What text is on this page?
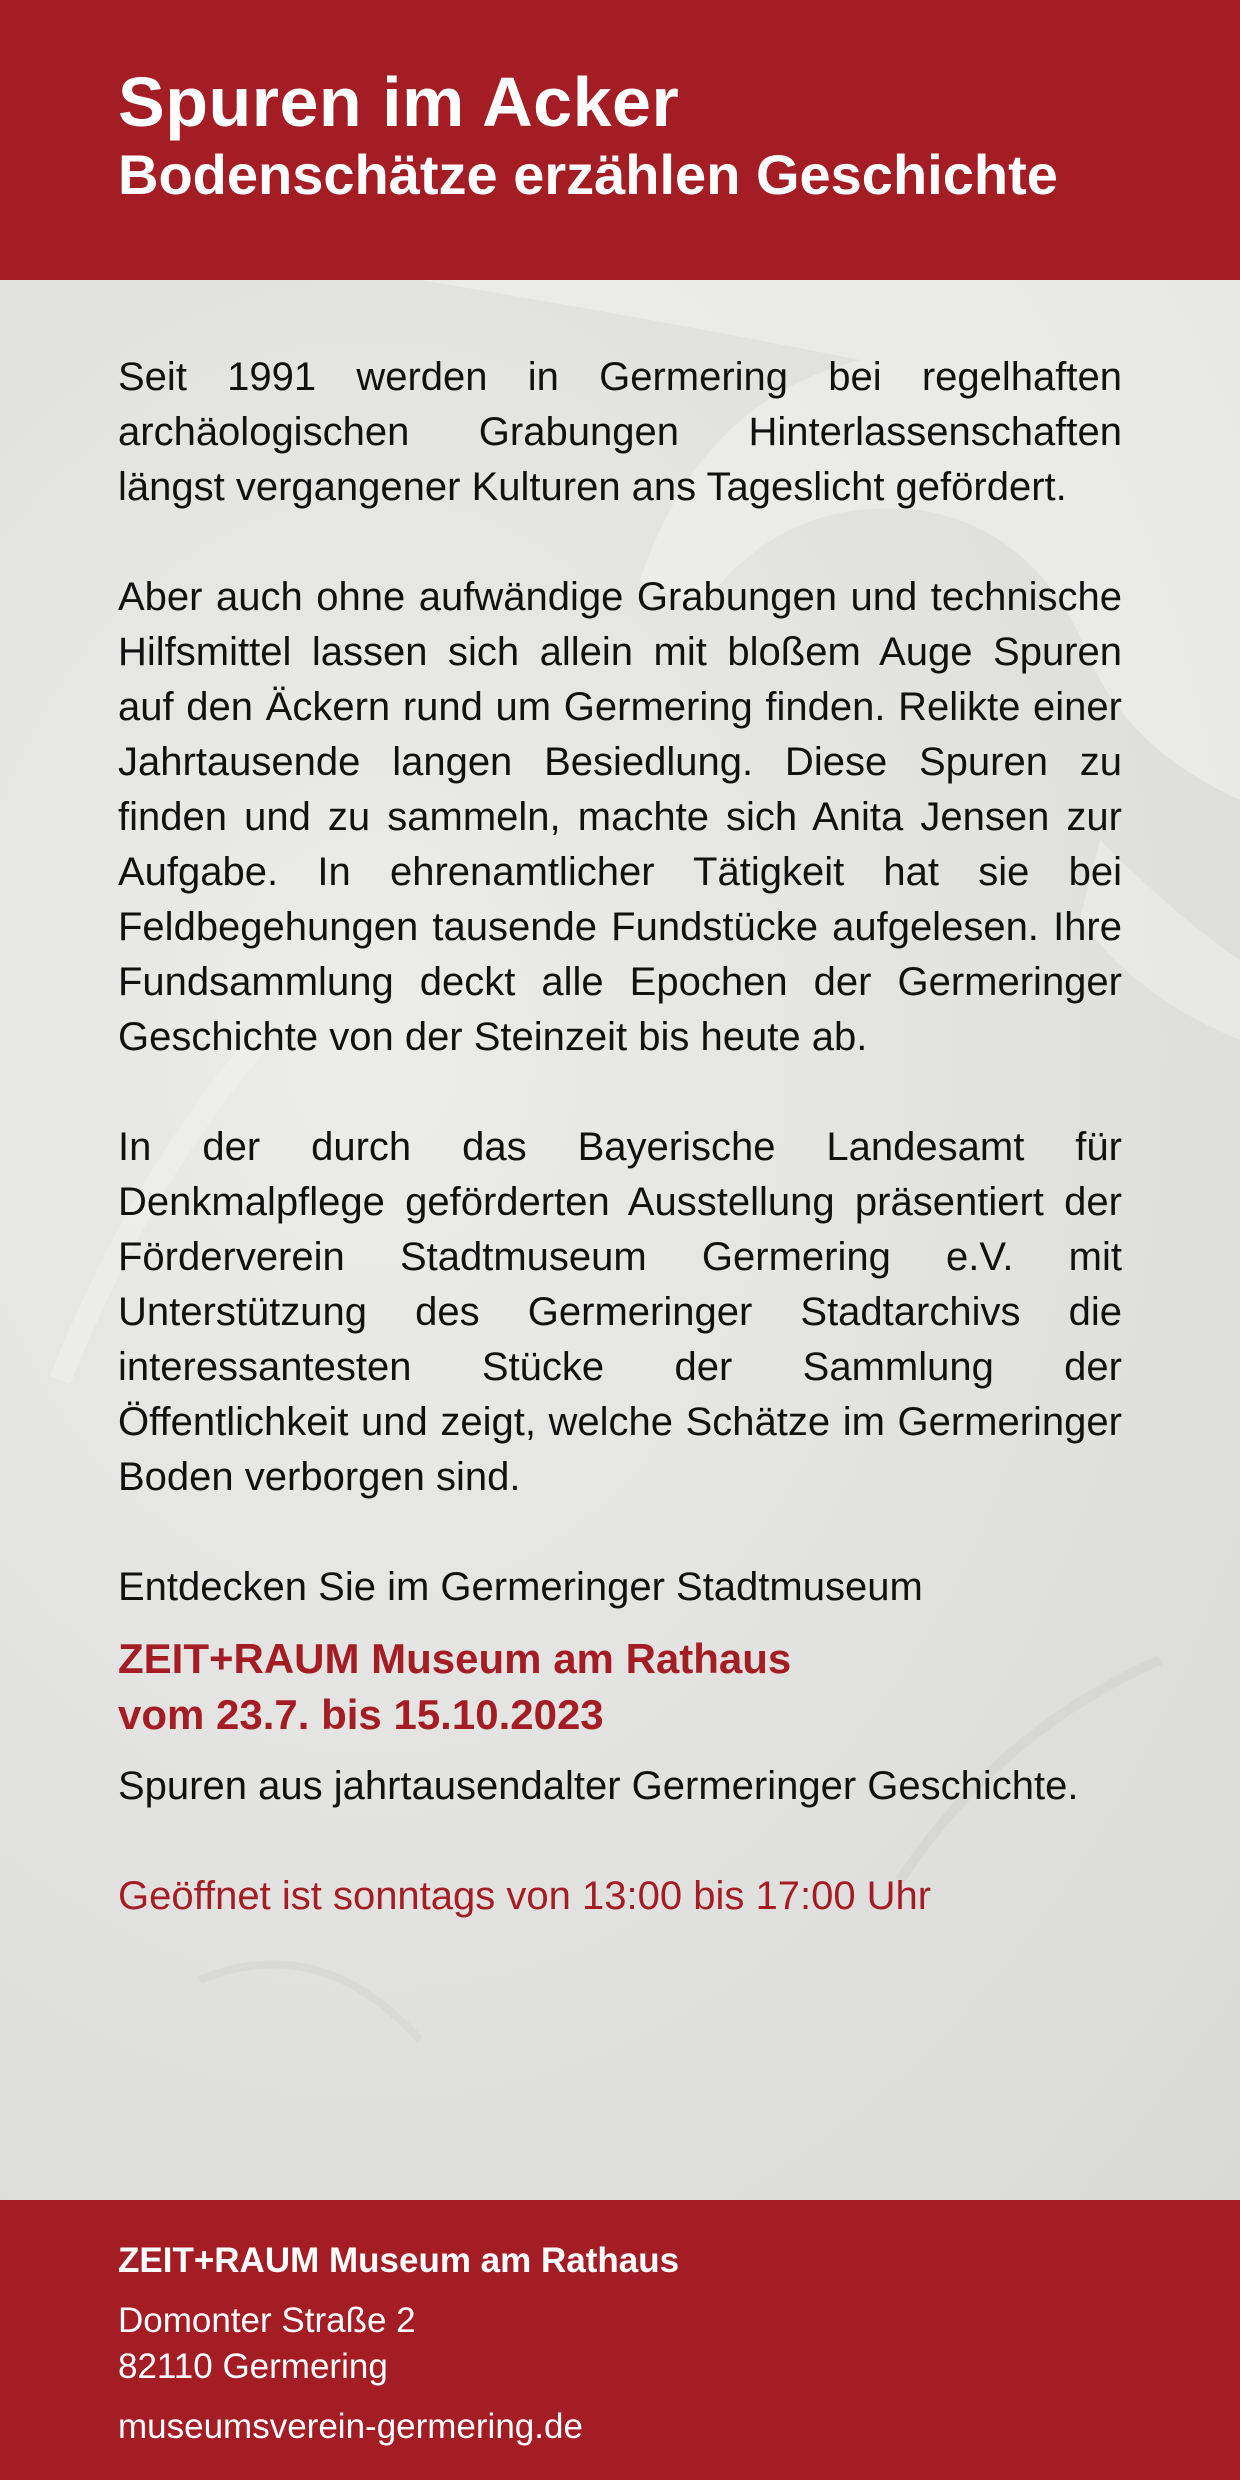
Spuren im Acker
Bodenschätze erzählen Geschichte

Seit 1991 werden in Germering bei regelhaften archäologischen Grabungen Hinterlassenschaften längst vergangener Kulturen ans Tageslicht gefördert.

Aber auch ohne aufwändige Grabungen und technische Hilfsmittel lassen sich allein mit bloßem Auge Spuren auf den Äckern rund um Germering finden. Relikte einer Jahrtausende langen Besiedlung. Diese Spuren zu finden und zu sammeln, machte sich Anita Jensen zur Aufgabe. In ehrenamtlicher Tätigkeit hat sie bei Feldbegehungen tausende Fundstücke aufgelesen. Ihre Fundsammlung deckt alle Epochen der Germeringer Geschichte von der Steinzeit bis heute ab.

In der durch das Bayerische Landesamt für Denkmalpflege geförderten Ausstellung präsentiert der Förderverein Stadtmuseum Germering e.V. mit Unterstützung des Germeringer Stadtarchivs die interessantesten Stücke der Sammlung der Öffentlichkeit und zeigt, welche Schätze im Germeringer Boden verborgen sind.

Entdecken Sie im Germeringer Stadtmuseum

ZEIT+RAUM Museum am Rathaus

vom 23.7. bis 15.10.2023

Spuren aus jahrtausendalter Germeringer Geschichte.

Geöffnet ist sonntags von 13:00 bis 17:00 Uhr

ZEIT+RAUM Museum am Rathaus

Domonter Straße 2

82110 Germering

museumsverein-germering.de
